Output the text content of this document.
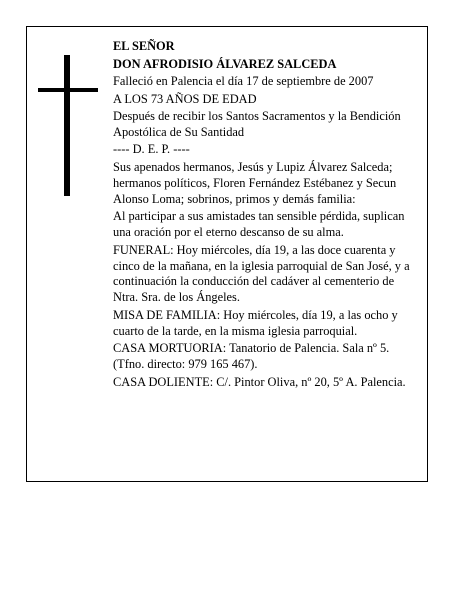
EL SEÑOR

DON AFRODISIO ÁLVAREZ SALCEDA

Falleció en Palencia el día 17 de septiembre de 2007

A LOS 73 AÑOS DE EDAD

Después de recibir los Santos Sacramentos y la Bendición Apostólica de Su Santidad

---- D. E. P. ----

Sus apenados hermanos, Jesús y Lupiz Álvarez Salceda; hermanos políticos, Floren Fernández Estébanez y Secun Alonso Loma; sobrinos, primos y demás familia:

Al participar a sus amistades tan sensible pérdida, suplican una oración por el eterno descanso de su alma.

FUNERAL: Hoy miércoles, día 19, a las doce cuarenta y cinco de la mañana, en la iglesia parroquial de San José, y a continuación la conducción del cadáver al cementerio de Ntra. Sra. de los Ángeles.

MISA DE FAMILIA: Hoy miércoles, día 19, a las ocho y cuarto de la tarde, en la misma iglesia parroquial.

CASA MORTUORIA: Tanatorio de Palencia. Sala nº 5. (Tfno. directo: 979 165 467).

CASA DOLIENTE: C/. Pintor Oliva, nº 20, 5º A. Palencia.
